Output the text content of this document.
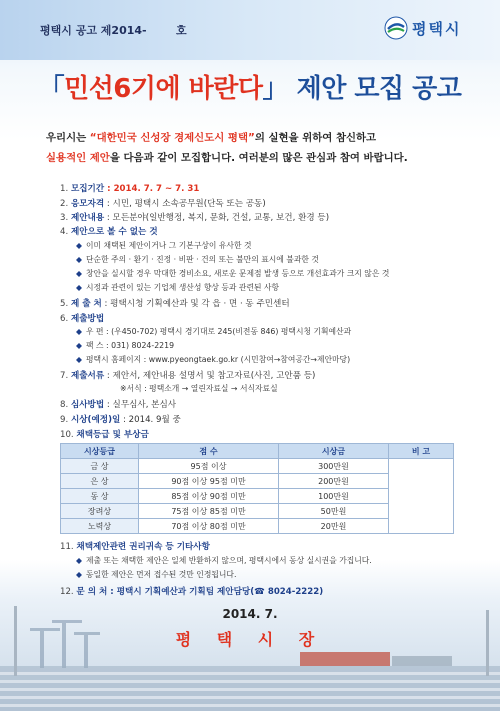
평택시 공고 제2014-	호	평택시
「민선6기에 바란다」 제안 모집 공고
우리시는 “대한민국 신성장 경제신도시 평택”의 실현을 위하여 참신하고
실용적인 제안을 다음과 같이 모집합니다. 여러분의 많은 관심과 참여 바랍니다.
1. 모집기간 : 2014. 7. 7 ~ 7. 31
2. 응모자격 : 시민, 평택시 소속공무원(단독 또는 공동)
3. 제안내용 : 모든분야(일반행정, 복지, 문화, 건설, 교통, 보건, 환경 등)
4. 제안으로 볼 수 없는 것
◆ 이미 채택된 제안이거나 그 기본구상이 유사한 것
◆ 단순한 주의 · 환기 · 진정 · 비판 · 건의 또는 불만의 표시에 불과한 것
◆ 창안을 실시할 경우 막대한 경비소요, 새로운 문제점 발생 등으로 개선효과가 크지 않은 것
◆ 시정과 관련이 있는 기업체 생산성 향상 등과 관련된 사항
5. 제 출 처 : 평택시청 기획예산과 및 각 읍 · 면 · 동 주민센터
6. 제출방법
◆ 우 편 : (우450-702) 평택시 경기대로 245(비전동 846) 평택시청 기획예산과
◆ 팩 스 : 031) 8024-2219
◆ 평택시 홈페이지 : www.pyeongtaek.go.kr (시민참여→참여공간→제안마당)
7. 제출서류 : 제안서, 제안내용 설명서 및 참고자료(사진, 고안품 등)
※서식 : 평택소개 → 열린자료실 → 서식자료실
8. 심사방법 : 실무심사, 본심사
9. 시상(예정)일 : 2014. 9월 중
10. 채택등급 및 부상금
시상등급	점 수	시상금	비 고
금 상	95점 이상	300만원	
은 상	90점 이상 95점 미만	200만원	
동 상	85점 이상 90점 미만	100만원	
장려상	75점 이상 85점 미만	50만원	
노력상	70점 이상 80점 미만	20만원	
11. 채택제안관련 권리귀속 등 기타사항
◆ 제출 또는 채택한 제안은 일체 반환하지 않으며, 평택시에서 동상 실시권을 가집니다.
◆ 동일한 제안은 먼저 접수된 것만 인정됩니다.
12. 문 의 처 : 평택시 기획예산과 기획팀 제안담당(☎ 8024-2222)
2014. 7.
평 택 시 장
